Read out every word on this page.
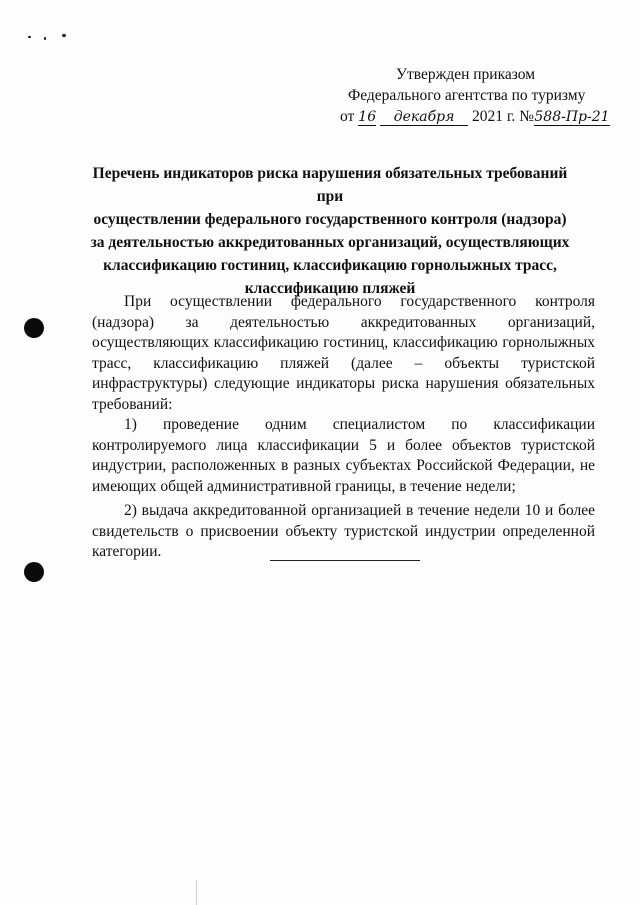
Утвержден приказом
Федерального агентства по туризму
от 16 декабря 2021 г. №588-Пр-21
Перечень индикаторов риска нарушения обязательных требований при
осуществлении федерального государственного контроля (надзора)
за деятельностью аккредитованных организаций, осуществляющих
классификацию гостиниц, классификацию горнолыжных трасс,
классификацию пляжей

При осуществлении федерального государственного контроля (надзора) за деятельностью аккредитованных организаций, осуществляющих классификацию гостиниц, классификацию горнолыжных трасс, классификацию пляжей (далее – объекты туристской инфраструктуры) следующие индикаторы риска нарушения обязательных требований:

1) проведение одним специалистом по классификации контролируемого лица классификации 5 и более объектов туристской индустрии, расположенных в разных субъектах Российской Федерации, не имеющих общей административной границы, в течение недели;

2) выдача аккредитованной организацией в течение недели 10 и более свидетельств о присвоении объекту туристской индустрии определенной категории.
